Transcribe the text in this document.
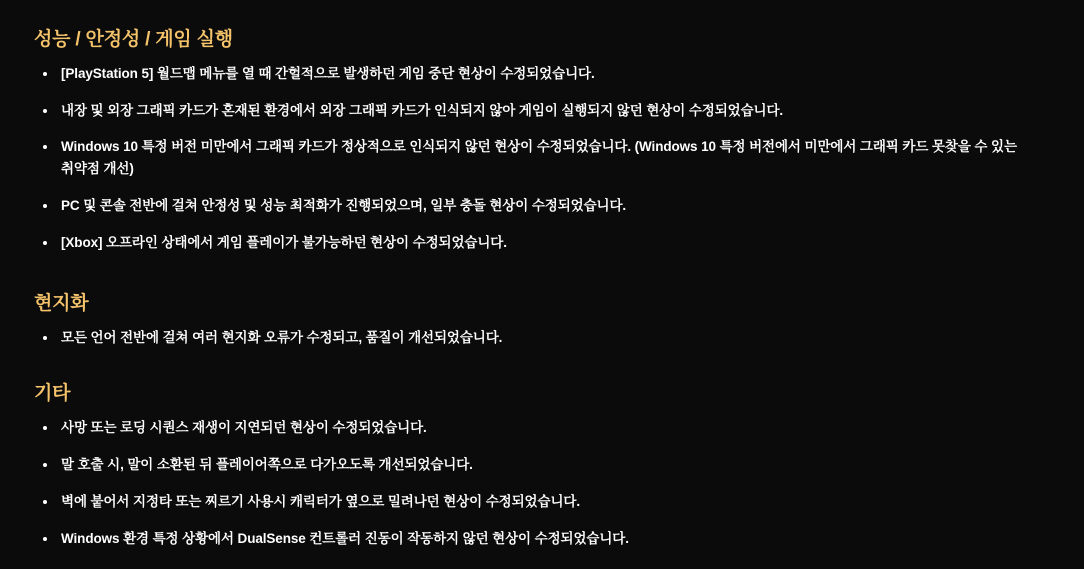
성능 / 안정성 / 게임 실행
[PlayStation 5] 월드맵 메뉴를 열 때 간헐적으로 발생하던 게임 중단 현상이 수정되었습니다.
내장 및 외장 그래픽 카드가 혼재된 환경에서 외장 그래픽 카드가 인식되지 않아 게임이 실행되지 않던 현상이 수정되었습니다.
Windows 10 특정 버전 미만에서 그래픽 카드가 정상적으로 인식되지 않던 현상이 수정되었습니다. (Windows 10 특정 버전에서 미만에서 그래픽 카드 못찾을 수 있는 취약점 개선)
PC 및 콘솔 전반에 걸쳐 안정성 및 성능 최적화가 진행되었으며, 일부 충돌 현상이 수정되었습니다.
[Xbox] 오프라인 상태에서 게임 플레이가 불가능하던 현상이 수정되었습니다.
현지화
모든 언어 전반에 걸쳐 여러 현지화 오류가 수정되고, 품질이 개선되었습니다.
기타
사망 또는 로딩 시퀀스 재생이 지연되던 현상이 수정되었습니다.
말 호출 시, 말이 소환된 뒤 플레이어쪽으로 다가오도록 개선되었습니다.
벽에 붙어서 지정타 또는 찌르기 사용시 캐릭터가 옆으로 밀려나던 현상이 수정되었습니다.
Windows 환경 특정 상황에서 DualSense 컨트롤러 진동이 작동하지 않던 현상이 수정되었습니다.
